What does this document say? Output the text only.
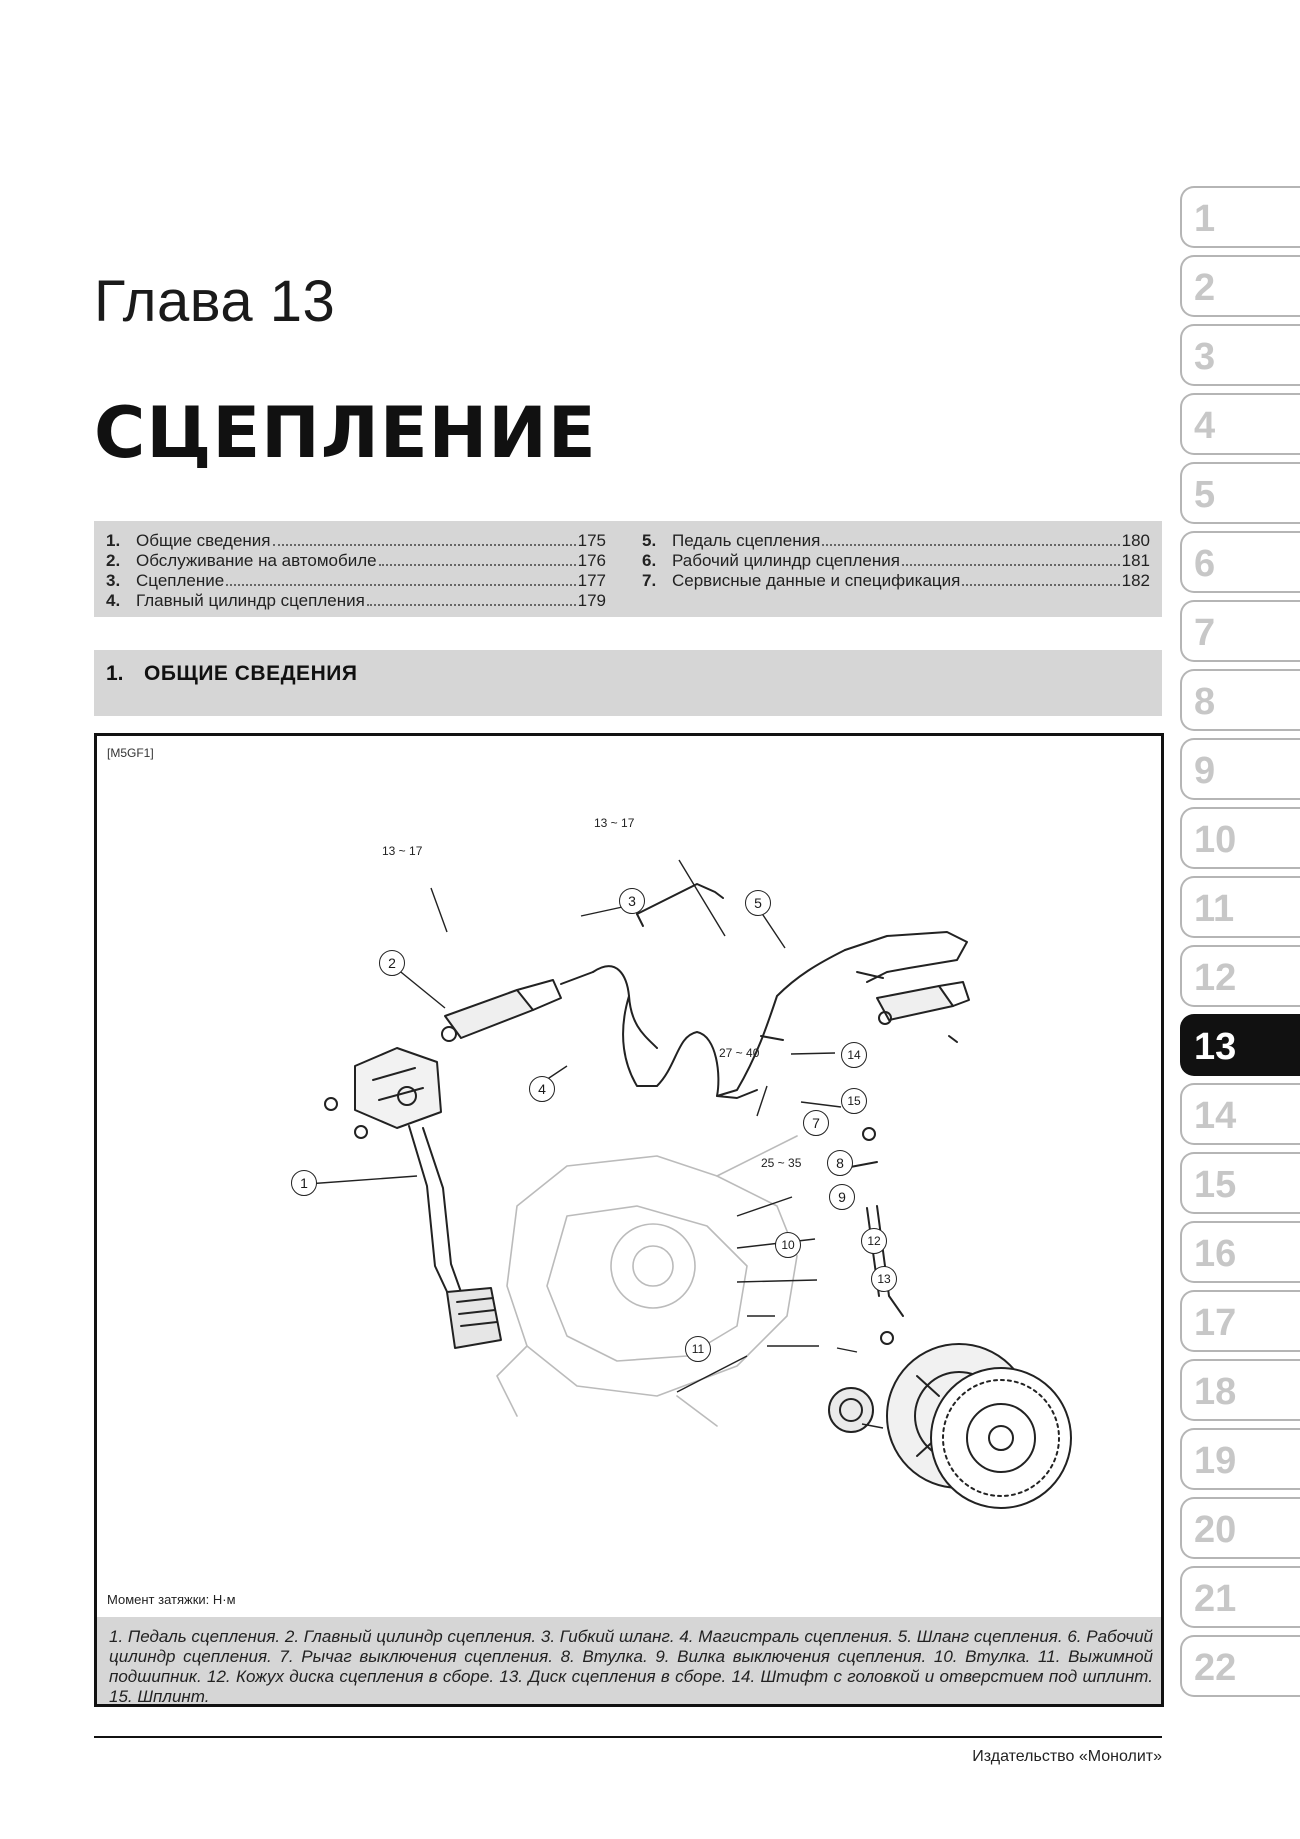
Глава 13
СЦЕПЛЕНИЕ
1. Общие сведения	175
2. Обслуживание на автомобиле	176
3. Сцепление	177
4. Главный цилиндр сцепления	179
5. Педаль сцепления	180
6. Рабочий цилиндр сцепления	181
7. Сервисные данные и спецификация	182
1. ОБЩИЕ СВЕДЕНИЯ
[M5GF1]
13 ~ 17
13 ~ 17
27 ~ 40
25 ~ 35
1
2
3
4
5
7
8
9
10
11
12
13
14
15
Момент затяжки: Н·м
1. Педаль сцепления. 2. Главный цилиндр сцепления. 3. Гибкий шланг. 4. Магистраль сцепления. 5. Шланг сцепления. 6. Рабочий цилиндр сцепления. 7. Рычаг выключения сцепления. 8. Втулка. 9. Вилка выключения сцепления. 10. Втулка. 11. Выжимной подшипник. 12. Кожух диска сцепления в сборе. 13. Диск сцепления в сборе. 14. Штифт с головкой и отверстием под шплинт. 15. Шплинт.
Издательство «Монолит»
1
2
3
4
5
6
7
8
9
10
11
12
13
14
15
16
17
18
19
20
21
22
